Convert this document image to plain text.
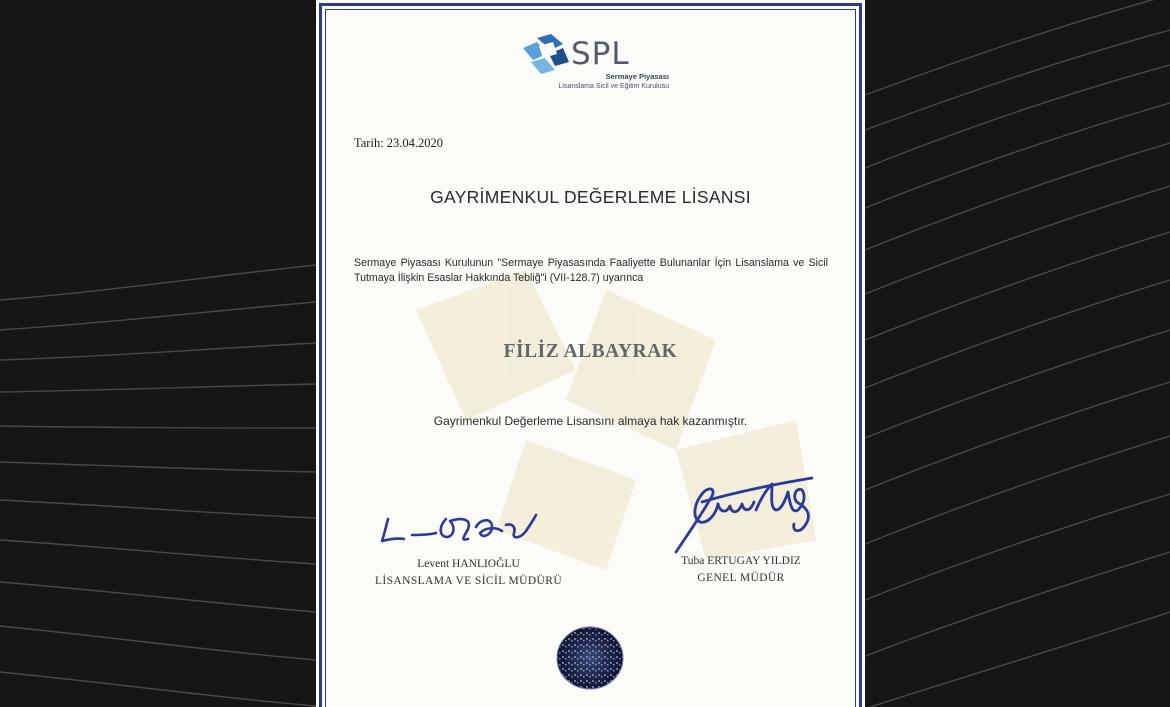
SPL
Sermaye Piyasası
Lisanslama Sicil ve Eğitim Kurulusu
Tarih: 23.04.2020
GAYRİMENKUL DEĞERLEME LİSANSI
Sermaye Piyasası Kurulunun "Sermaye Piyasasında Faaliyette Bulunanlar İçin Lisanslama ve Sicil Tutmaya İlişkin Esaslar Hakkında Tebliğ"i (VII-128.7) uyarınca
FİLİZ ALBAYRAK
Gayrimenkul Değerleme Lisansını almaya hak kazanmıştır.
Levent HANLIOĞLU
LİSANSLAMA VE SİCİL MÜDÜRÜ
Tuba ERTUGAY YILDIZ
GENEL MÜDÜR
